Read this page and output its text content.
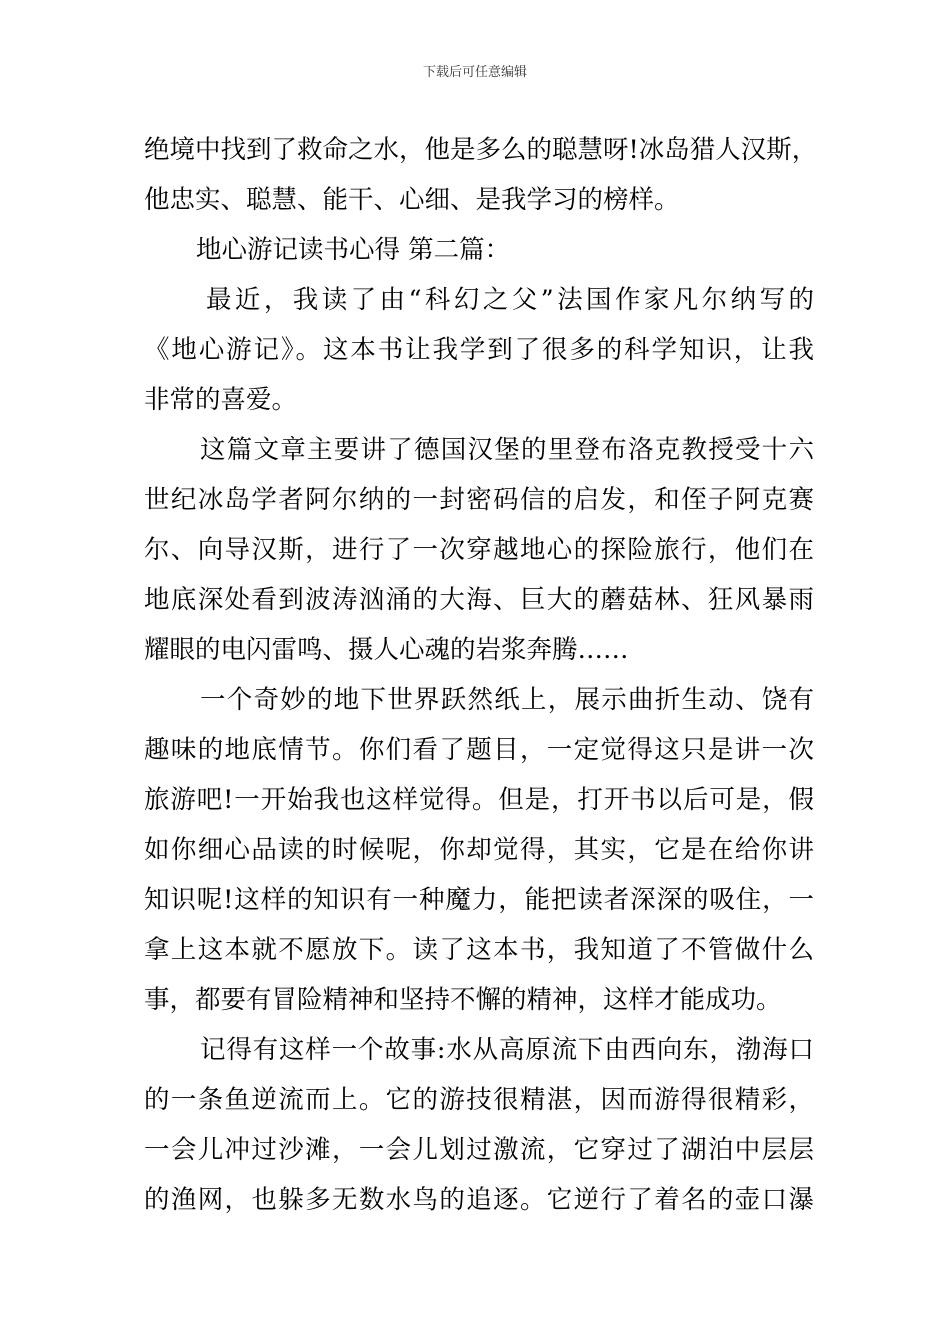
下载后可任意编辑
绝境中找到了救命之水，他是多么的聪慧呀!冰岛猎人汉斯，
他忠实、聪慧、能干、心细、是我学习的榜样。
地心游记读书心得 第二篇：
最近，我读了由“科幻之父”法国作家凡尔纳写的
《地心游记》。这本书让我学到了很多的科学知识，让我
非常的喜爱。
这篇文章主要讲了德国汉堡的里登布洛克教授受十六
世纪冰岛学者阿尔纳的一封密码信的启发，和侄子阿克赛
尔、向导汉斯，进行了一次穿越地心的探险旅行，他们在
地底深处看到波涛汹涌的大海、巨大的蘑菇林、狂风暴雨
耀眼的电闪雷鸣、摄人心魂的岩浆奔腾……
一个奇妙的地下世界跃然纸上，展示曲折生动、饶有
趣味的地底情节。你们看了题目，一定觉得这只是讲一次
旅游吧!一开始我也这样觉得。但是，打开书以后可是，假
如你细心品读的时候呢，你却觉得，其实，它是在给你讲
知识呢!这样的知识有一种魔力，能把读者深深的吸住，一
拿上这本就不愿放下。读了这本书，我知道了不管做什么
事，都要有冒险精神和坚持不懈的精神，这样才能成功。
记得有这样一个故事:水从高原流下由西向东，渤海口
的一条鱼逆流而上。它的游技很精湛，因而游得很精彩，
一会儿冲过沙滩，一会儿划过激流，它穿过了湖泊中层层
的渔网，也躲多无数水鸟的追逐。它逆行了着名的壶口瀑
